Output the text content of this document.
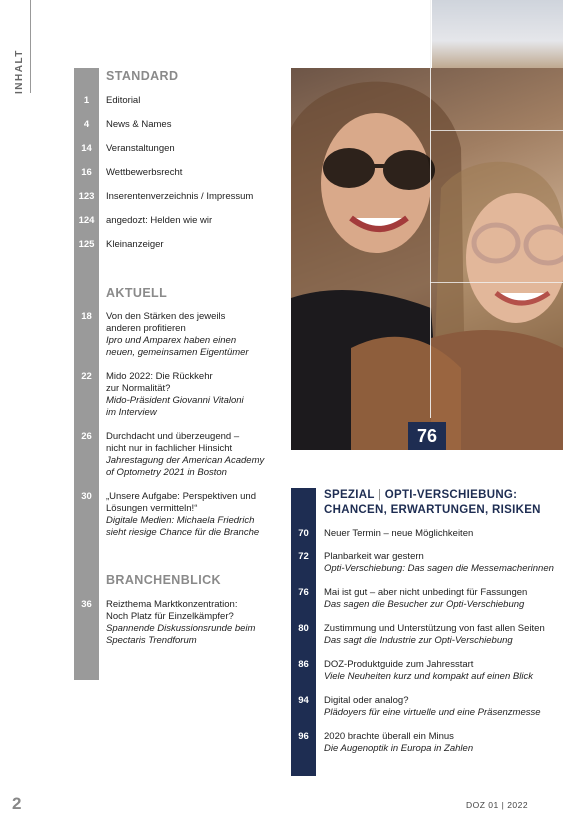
INHALT	STANDARD
1	Editorial
4	News & Names
14	Veranstaltungen
16	Wettbewerbsrecht
123	Inserentenverzeichnis / Impressum
124	angedozt: Helden wie wir
125	Kleinanzeiger
AKTUELL
18	Von den Stärken des jeweils
anderen profitieren
Ipro und Amparex haben einen
neuen, gemeinsamen Eigentümer
22	Mido 2022: Die Rückkehr
zur Normalität?
Mido-Präsident Giovanni Vitaloni
im Interview
26	Durchdacht und überzeugend –
nicht nur in fachlicher Hinsicht
Jahrestagung der American Academy
of Optometry 2021 in Boston
30	„Unsere Aufgabe: Perspektiven und
Lösungen vermitteln!“
Digitale Medien: Michaela Friedrich
sieht riesige Chance für die Branche
BRANCHENBLICK
36	Reizthema Marktkonzentration:
Noch Platz für Einzelkämpfer?
Spannende Diskussionsrunde beim
Spectaris Trendforum
76
SPEZIAL | OPTI-VERSCHIEBUNG:
CHANCEN, ERWARTUNGEN, RISIKEN
70	Neuer Termin – neue Möglichkeiten
72	Planbarkeit war gestern
Opti-Verschiebung: Das sagen die Messemacherinnen
76	Mai ist gut – aber nicht unbedingt für Fassungen
Das sagen die Besucher zur Opti-Verschiebung
80	Zustimmung und Unterstützung von fast allen Seiten
Das sagt die Industrie zur Opti-Verschiebung
86	DOZ-Produktguide zum Jahresstart
Viele Neuheiten kurz und kompakt auf einen Blick
94	Digital oder analog?
Plädoyers für eine virtuelle und eine Präsenzmesse
96	2020 brachte überall ein Minus
Die Augenoptik in Europa in Zahlen
2	DOZ 01 | 2022
